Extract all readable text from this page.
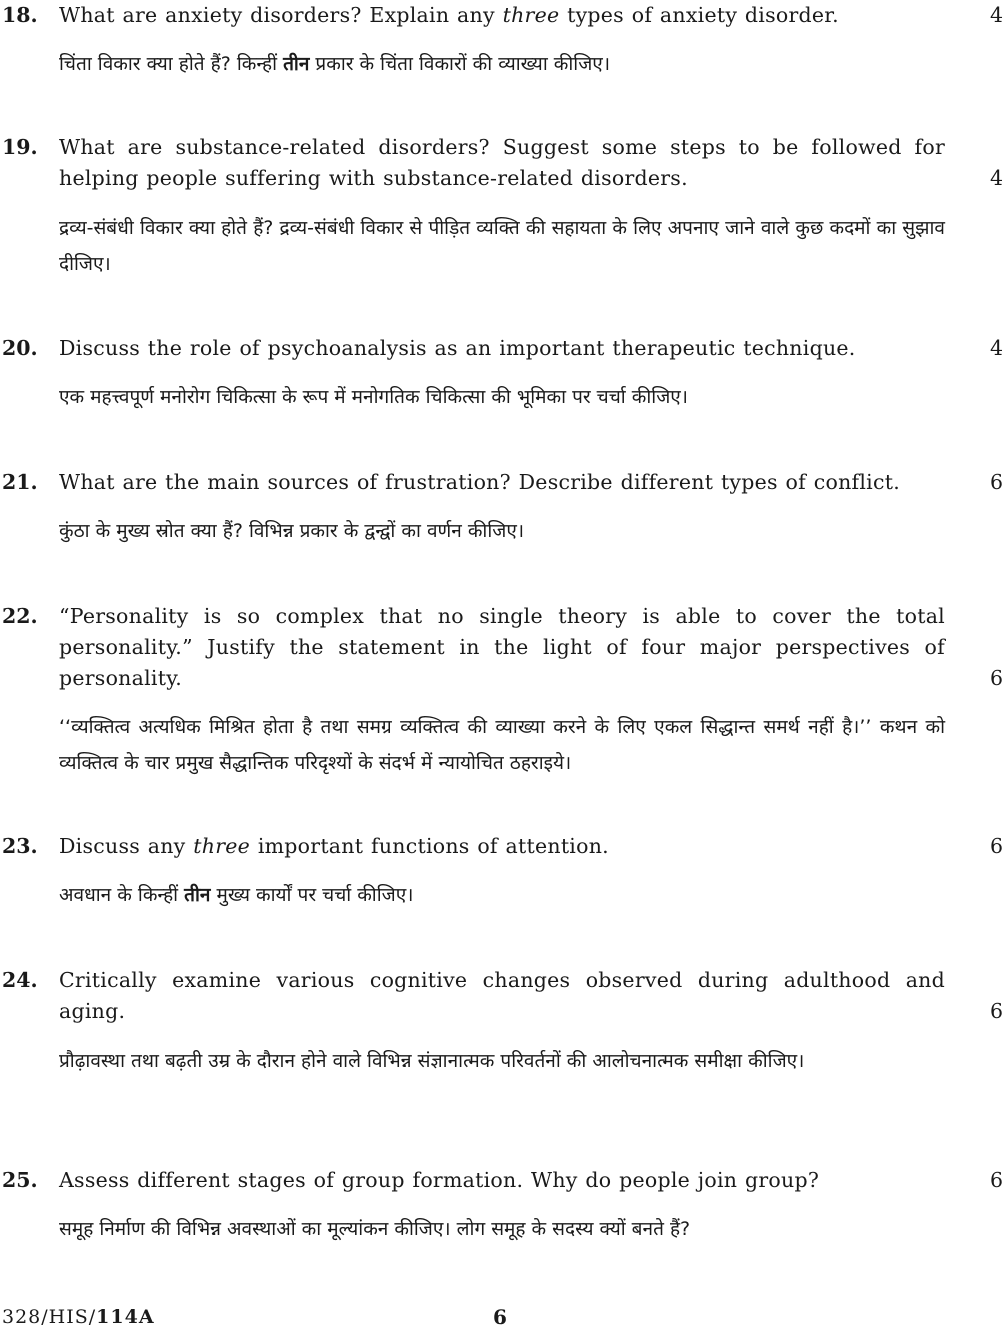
18. What are anxiety disorders? Explain any three types of anxiety disorder.	4
चिंता विकार क्या होते हैं? किन्हीं तीन प्रकार के चिंता विकारों की व्याख्या कीजिए।
19. What are substance-related disorders? Suggest some steps to be followed for helping people suffering with substance-related disorders.	4
द्रव्य-संबंधी विकार क्या होते हैं? द्रव्य-संबंधी विकार से पीड़ित व्यक्ति की सहायता के लिए अपनाए जाने वाले कुछ कदमों का सुझाव दीजिए।
20. Discuss the role of psychoanalysis as an important therapeutic technique.	4
एक महत्त्वपूर्ण मनोरोग चिकित्सा के रूप में मनोगतिक चिकित्सा की भूमिका पर चर्चा कीजिए।
21. What are the main sources of frustration? Describe different types of conflict.	6
कुंठा के मुख्य स्रोत क्या हैं? विभिन्न प्रकार के द्वन्द्वों का वर्णन कीजिए।
22. “Personality is so complex that no single theory is able to cover the total personality.” Justify the statement in the light of four major perspectives of personality.	6
‘‘व्यक्तित्व अत्यधिक मिश्रित होता है तथा समग्र व्यक्तित्व की व्याख्या करने के लिए एकल सिद्धान्त समर्थ नहीं है।’’ कथन को व्यक्तित्व के चार प्रमुख सैद्धान्तिक परिदृश्यों के संदर्भ में न्यायोचित ठहराइये।
23. Discuss any three important functions of attention.	6
अवधान के किन्हीं तीन मुख्य कार्यों पर चर्चा कीजिए।
24. Critically examine various cognitive changes observed during adulthood and aging.	6
प्रौढ़ावस्था तथा बढ़ती उम्र के दौरान होने वाले विभिन्न संज्ञानात्मक परिवर्तनों की आलोचनात्मक समीक्षा कीजिए।
25. Assess different stages of group formation. Why do people join group?	6
समूह निर्माण की विभिन्न अवस्थाओं का मूल्यांकन कीजिए। लोग समूह के सदस्य क्यों बनते हैं?
328/HIS/114A	6
